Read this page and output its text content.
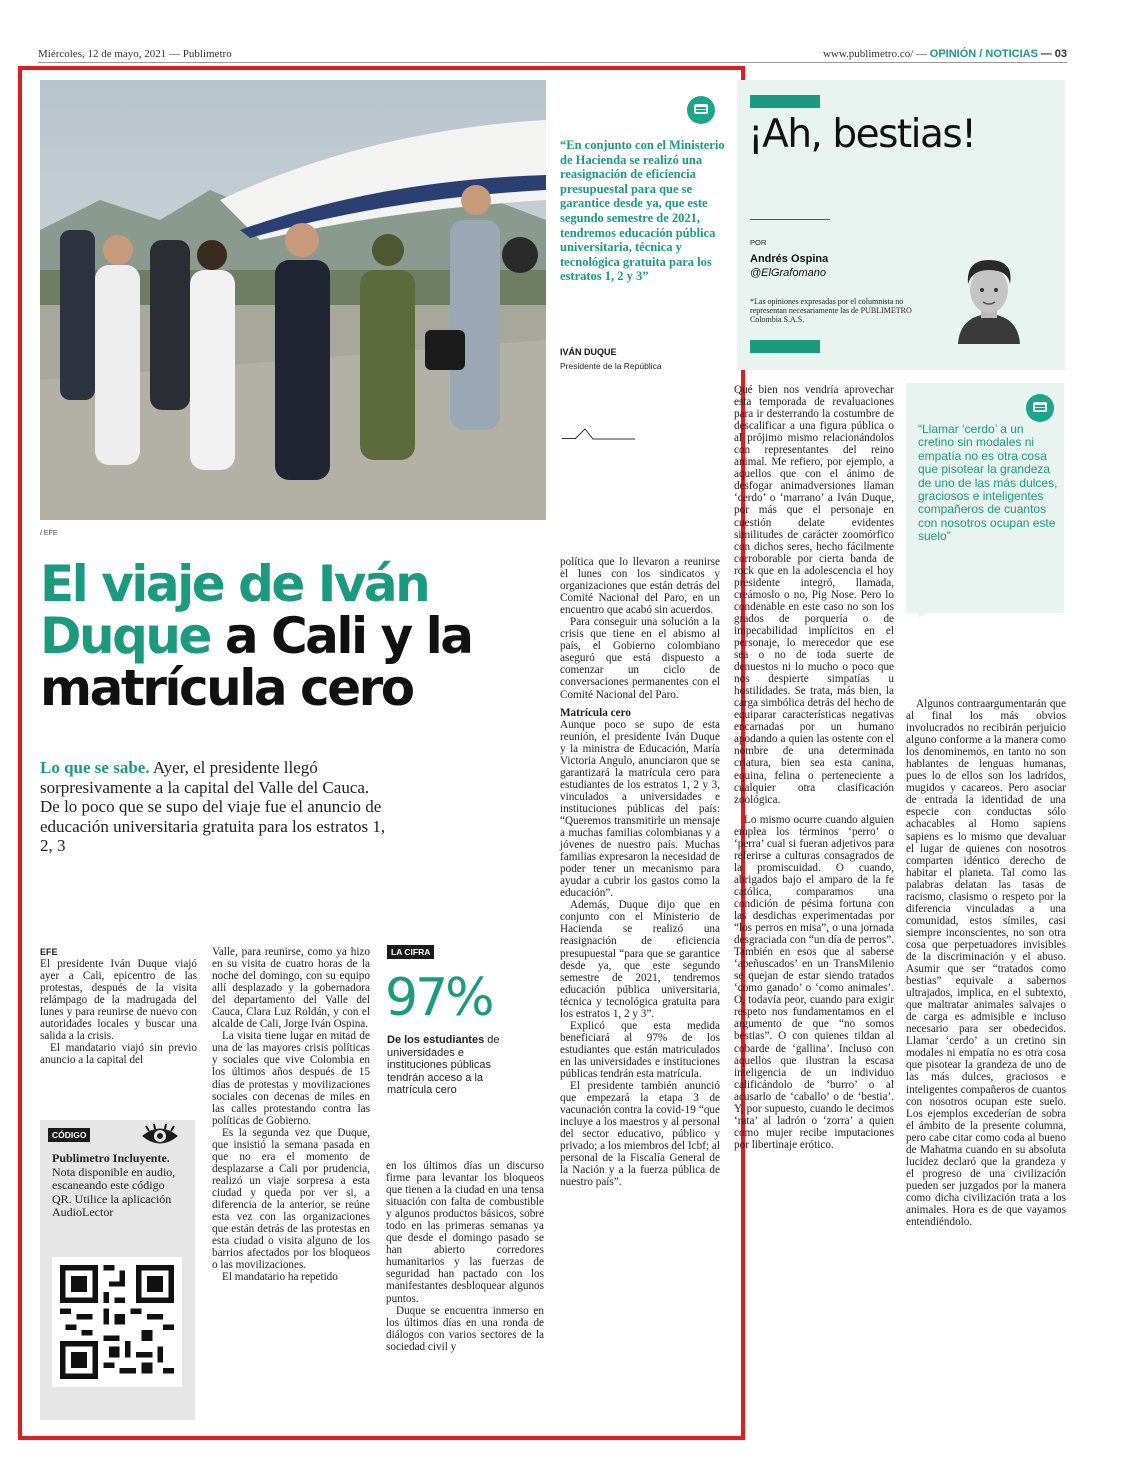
Miércoles, 12 de mayo, 2021 — Publimetro	www.publimetro.co/ — OPINIÓN / NOTICIAS — 03
/ EFE
“En conjunto con el Ministerio de Hacienda se realizó una reasignación de eficiencia presupuestal para que se garantice desde ya, que este segundo semestre de 2021, tendremos educación pública universitaria, técnica y tecnológica gratuita para los estratos 1, 2 y 3”
IVÁN DUQUE
Presidente de la República
El viaje de Iván Duque a Cali y la matrícula cero
Lo que se sabe. Ayer, el presidente llegó sorpresivamente a la capital del Valle del Cauca. De lo poco que se supo del viaje fue el anuncio de educación universitaria gratuita para los estratos 1, 2, 3

EFE

El presidente Iván Duque viajó ayer a Cali, epicentro de las protestas, después de la visita relámpago de la madrugada del lunes y para reunirse de nuevo con autoridades locales y buscar una salida a la crisis.

El mandatario viajó sin previo anuncio a la capital del

CÓDIGO
Publimetro Incluyente. Nota disponible en audio, escaneando este código QR. Utilice la aplicación AudioLector

Valle, para reunirse, como ya hizo en su visita de cuatro horas de la noche del domingo, con su equipo allí desplazado y la gobernadora del departamento del Valle del Cauca, Clara Luz Roldán, y con el alcalde de Cali, Jorge Iván Ospina.

La visita tiene lugar en mitad de una de las mayores crisis políticas y sociales que vive Colombia en los últimos años después de 15 días de protestas y movilizaciones sociales con decenas de miles en las calles protestando contra las políticas de Gobierno.

Es la segunda vez que Duque, que insistió la semana pasada en que no era el momento de desplazarse a Cali por prudencia, realizó un viaje sorpresa a esta ciudad y queda por ver si, a diferencia de la anterior, se reúne esta vez con las organizaciones que están detrás de las protestas en esta ciudad o visita alguno de los barrios afectados por los bloqueos o las movilizaciones.

El mandatario ha repetido

LA CIFRA
97%
De los estudiantes de universidades e instituciones públicas tendrán acceso a la matrícula cero

en los últimos días un discurso firme para levantar los bloqueos que tienen a la ciudad en una tensa situación con falta de combustible y algunos productos básicos, sobre todo en las primeras semanas ya que desde el domingo pasado se han abierto corredores humanitarios y las fuerzas de seguridad han pactado con los manifestantes desbloquear algunos puntos.

Duque se encuentra inmerso en los últimos días en una ronda de diálogos con varios sectores de la sociedad civil y

política que lo llevaron a reunirse el lunes con los sindicatos y organizaciones que están detrás del Comité Nacional del Paro, en un encuentro que acabó sin acuerdos.

Para conseguir una solución a la crisis que tiene en el abismo al país, el Gobierno colombiano aseguró que está dispuesto a comenzar un ciclo de conversaciones permanentes con el Comité Nacional del Paro.

Matrícula cero

Aunque poco se supo de esta reunión, el presidente Iván Duque y la ministra de Educación, María Victoria Angulo, anunciaron que se garantizará la matrícula cero para estudiantes de los estratos 1, 2 y 3, vinculados a universidades e instituciones públicas del país: “Queremos transmitirle un mensaje a muchas familias colombianas y a jóvenes de nuestro país. Muchas familias expresaron la necesidad de poder tener un mecanismo para ayudar a cubrir los gastos como la educación”.

Además, Duque dijo que en conjunto con el Ministerio de Hacienda se realizó una reasignación de eficiencia presupuestal “para que se garantice desde ya, que este segundo semestre de 2021, tendremos educación pública universitaria, técnica y tecnológica gratuita para los estratos 1, 2 y 3”.

Explicó que esta medida beneficiará al 97% de los estudiantes que están matriculados en las universidades e instituciones públicas tendrán esta matrícula.

El presidente también anunció que empezará la etapa 3 de vacunación contra la covid-19 “que incluye a los maestros y al personal del sector educativo, público y privado; a los miembros del Icbf; al personal de la Fiscalía General de la Nación y a la fuerza pública de nuestro país”.

¡Ah, bestias!
POR
Andrés Ospina
@ElGrafomano
*Las opiniones expresadas por el columnista no representan necesariamente las de PUBLIMETRO Colombia S.A.S.
“Llamar ‘cerdo’ a un cretino sin modales ni empatía no es otra cosa que pisotear la grandeza de uno de las más dulces, graciosos e inteligentes compañeros de cuantos con nosotros ocupan este suelo”

Qué bien nos vendría aprovechar esta temporada de revaluaciones para ir desterrando la costumbre de descalificar a una figura pública o al prójimo mismo relacionándolos con representantes del reino animal. Me refiero, por ejemplo, a aquellos que con el ánimo de desfogar animadversiones llaman ‘cerdo’ o ‘marrano’ a Iván Duque, por más que el personaje en cuestión delate evidentes similitudes de carácter zoomórfico con dichos seres, hecho fácilmente corroborable por cierta banda de rock que en la adolescencia el hoy presidente integró, llamada, creámoslo o no, Pig Nose. Pero lo condenable en este caso no son los grados de porquería o de impecabilidad implícitos en el personaje, lo merecedor que ese sea o no de toda suerte de denuestos ni lo mucho o poco que nos despierte simpatías u hostilidades. Se trata, más bien, la carga simbólica detrás del hecho de equiparar características negativas encarnadas por un humano apodando a quien las ostente con el nombre de una determinada criatura, bien sea esta canina, equina, felina o perteneciente a cualquier otra clasificación zoológica.

Lo mismo ocurre cuando alguien emplea los términos ‘perro’ o ‘perra’ cual si fueran adjetivos para referirse a culturas consagrados de la promiscuidad. O cuando, abrigados bajo el amparo de la fe católica, comparamos una condición de pésima fortuna con las desdichas experimentadas por “los perros en misa”, o una jornada desgraciada con “un día de perros”. También en esos que al saberse ‘apeñuscados’ en un TransMilenio se quejan de estar siendo tratados ‘como ganado’ o ‘como animales’. O, todavía peor, cuando para exigir respeto nos fundamentamos en el argumento de que “no somos bestias”. O con quienes tildan al cobarde de ‘gallina’. Incluso con aquellos que ilustran la escasa inteligencia de un individuo calificándolo de ‘burro’ o al acusarlo de ‘caballo’ o de ‘bestia’. Y, por supuesto, cuando le decimos ‘rata’ al ladrón o ‘zorra’ a quien como mujer recibe imputaciones por libertinaje erótico.

Algunos contraargumentarán que al final los más obvios involucrados no recibirán perjuicio alguno conforme a la manera como los denominemos, en tanto no son hablantes de lenguas humanas, pues lo de ellos son los ladridos, mugidos y cacareos. Pero asociar de entrada la identidad de una especie con conductas sólo achacables al Homo sapiens sapiens es lo mismo que devaluar el lugar de quienes con nosotros comparten idéntico derecho de habitar el planeta. Tal como las palabras delatan las tasas de racismo, clasismo o respeto por la diferencia vinculadas a una comunidad, estos símiles, casi siempre inconscientes, no son otra cosa que perpetuadores invisibles de la discriminación y el abuso. Asumir que ser “tratados como bestias” equivale a sabernos ultrajados, implica, en el subtexto, que maltratar animales salvajes o de carga es admisible e incluso necesario para ser obedecidos. Llamar ‘cerdo’ a un cretino sin modales ni empatía no es otra cosa que pisotear la grandeza de uno de las más dulces, graciosos e inteligentes compañeros de cuantos con nosotros ocupan este suelo. Los ejemplos excederían de sobra el ámbito de la presente columna, pero cabe citar como coda al bueno de Mahatma cuando en su absoluta lucidez declaró que la grandeza y el progreso de una civilización pueden ser juzgados por la manera como dicha civilización trata a los animales. Hora es de que vayamos entendiéndolo.
